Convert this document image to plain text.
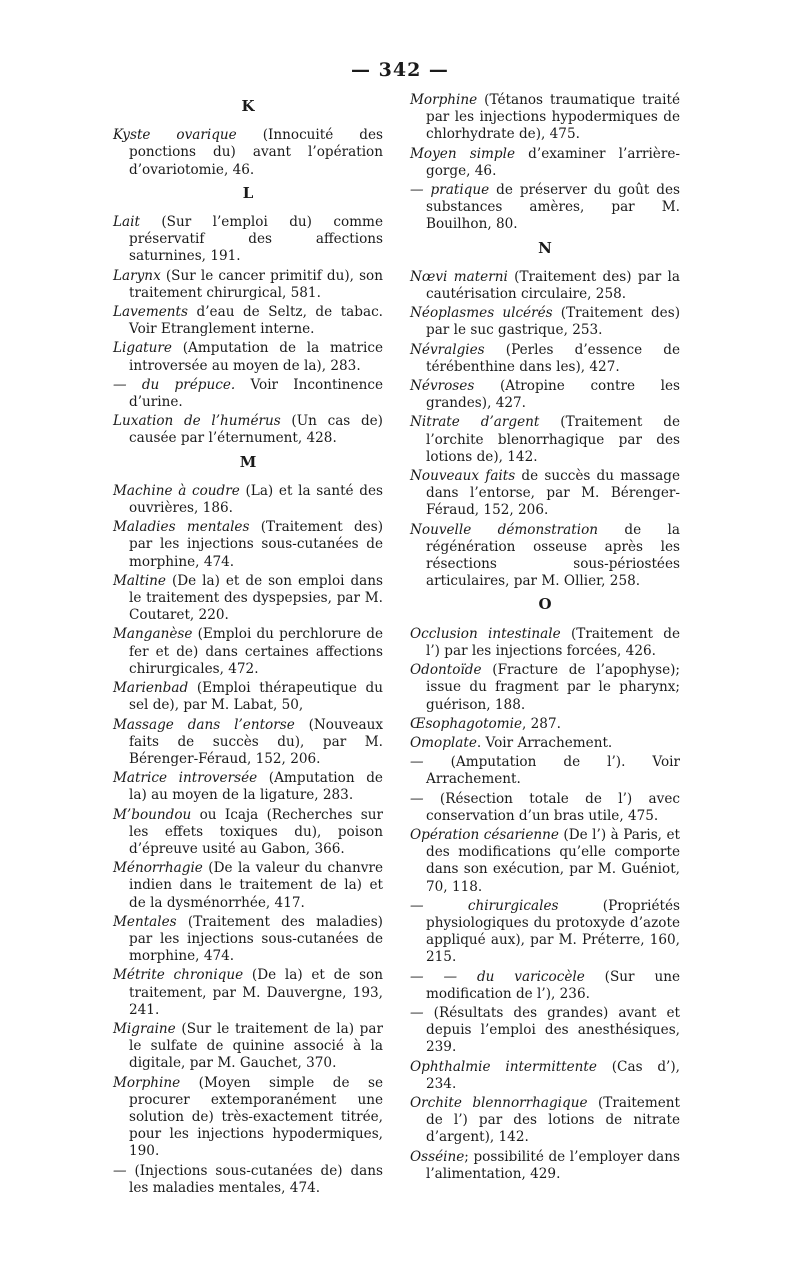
— 342 —
K
Kyste ovarique (Innocuité des ponctions du) avant l’opération d’ovariotomie, 46.
L
Lait (Sur l’emploi du) comme préservatif des affections saturnines, 191.
Larynx (Sur le cancer primitif du), son traitement chirurgical, 581.
Lavements d’eau de Seltz, de tabac. Voir Etranglement interne.
Ligature (Amputation de la matrice introversée au moyen de la), 283.
— du prépuce. Voir Incontinence d’urine.
Luxation de l’humérus (Un cas de) causée par l’éternument, 428.
M
Machine à coudre (La) et la santé des ouvrières, 186.
Maladies mentales (Traitement des) par les injections sous-cutanées de morphine, 474.
Maltine (De la) et de son emploi dans le traitement des dyspepsies, par M. Coutaret, 220.
Manganèse (Emploi du perchlorure de fer et de) dans certaines affections chirurgicales, 472.
Marienbad (Emploi thérapeutique du sel de), par M. Labat, 50,
Massage dans l’entorse (Nouveaux faits de succès du), par M. Bérenger-Féraud, 152, 206.
Matrice introversée (Amputation de la) au moyen de la ligature, 283.
M’boundou ou Icaja (Recherches sur les effets toxiques du), poison d’épreuve usité au Gabon, 366.
Ménorrhagie (De la valeur du chanvre indien dans le traitement de la) et de la dysménorrhée, 417.
Mentales (Traitement des maladies) par les injections sous-cutanées de morphine, 474.
Métrite chronique (De la) et de son traitement, par M. Dauvergne, 193, 241.
Migraine (Sur le traitement de la) par le sulfate de quinine associé à la digitale, par M. Gauchet, 370.
Morphine (Moyen simple de se procurer extemporanément une solution de) très-exactement titrée, pour les injections hypodermiques, 190.
— (Injections sous-cutanées de) dans les maladies mentales, 474.
Morphine (Tétanos traumatique traité par les injections hypodermiques de chlorhydrate de), 475.
Moyen simple d’examiner l’arrière-gorge, 46.
— pratique de préserver du goût des substances amères, par M. Bouilhon, 80.
N
Nœvi materni (Traitement des) par la cautérisation circulaire, 258.
Néoplasmes ulcérés (Traitement des) par le suc gastrique, 253.
Névralgies (Perles d’essence de térébenthine dans les), 427.
Névroses (Atropine contre les grandes), 427.
Nitrate d’argent (Traitement de l’orchite blenorrhagique par des lotions de), 142.
Nouveaux faits de succès du massage dans l’entorse, par M. Bérenger-Féraud, 152, 206.
Nouvelle démonstration de la régénération osseuse après les résections sous-périostées articulaires, par M. Ollier, 258.
O
Occlusion intestinale (Traitement de l’) par les injections forcées, 426.
Odontoïde (Fracture de l’apophyse); issue du fragment par le pharynx; guérison, 188.
Œsophagotomie, 287.
Omoplate. Voir Arrachement.
— (Amputation de l’). Voir Arrachement.
— (Résection totale de l’) avec conservation d’un bras utile, 475.
Opération césarienne (De l’) à Paris, et des modifications qu’elle comporte dans son exécution, par M. Guéniot, 70, 118.
— chirurgicales (Propriétés physiologiques du protoxyde d’azote appliqué aux), par M. Préterre, 160, 215.
— — du varicocèle (Sur une modification de l’), 236.
— (Résultats des grandes) avant et depuis l’emploi des anesthésiques, 239.
Ophthalmie intermittente (Cas d’), 234.
Orchite blennorrhagique (Traitement de l’) par des lotions de nitrate d’argent), 142.
Osséine; possibilité de l’employer dans l’alimentation, 429.
